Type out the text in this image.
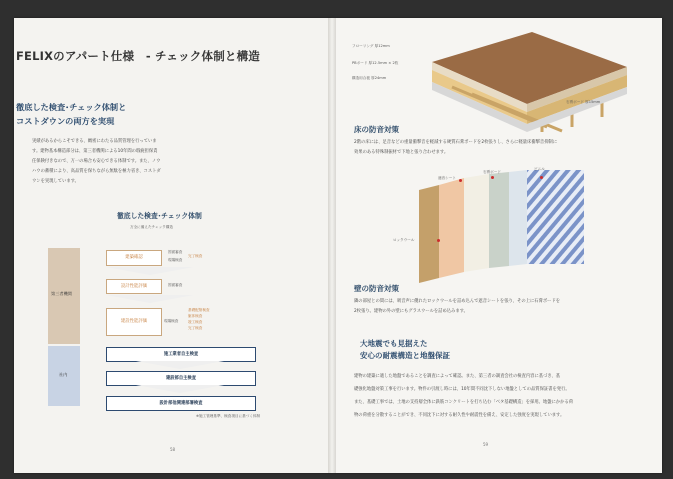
FELIXのアパート仕様　- チェック体制と構造
徹底した検査･チェック体制と
コストダウンの両方を実現
実績があるからこそできる、緻密にわたる品質管理を行っていま
す。建物基本構造部分は、第三者機関による10年間の瑕疵担保責
任保険付きなので、万一の場合も安心できる体制です。また、ノウ
ハウの蓄積により、高品質を保ちながら無駄を極力省き、コストダ
ウンを実現しています。
徹底した検査･チェック体制
万全に備えたチェック構造
第三者機関
社内
建築確認
図面審査
現場検査
完了検査
設計性能評価	図面審査
建設性能評価	現場検査
基礎配筋検査
躯体検査
竣工検査
完了検査
施工業者自主検査
建設部自主検査
設計部他関連部署検査
※施工管理基準、検査項目に基づく体制
58
フローリング 厚12mm
PBボード 厚12.5mm × 2枚
構造用合板 厚24mm
石膏ボード 厚15mm
床の防音対策
2階の床には、足音などの重量衝撃音を軽減する硬質石膏ボードを2枚張りし、さらに軽量床衝撃音抑制に
効果のある特殊制振材で下地と張り合わせます。
遮音シート
石膏ボード
ビニル
ロックウール
壁の防音対策
隣の部屋との間には、吸音声に優れたロックウールを詰め込んで遮音シートを張り、その上に石膏ボードを
2枚張り。建物の外の壁にもグラスウールを詰め込みます。
大地震でも見据えた
安心の耐震構造と地盤保証
建物の建築に適した地盤であることを調査によって確認。また、第三者の調査会社の検査内容に基づき、基
礎強化地盤対策工事を行います。物件の引渡し時には、10年間不同沈下しない地盤としての品質保証書を発行。
また、基礎工事では、土地の支持層全体に鉄筋コンクリートを打ち込む「ベタ基礎構造」を採用。地盤にかかる荷
物の荷重を分散することができ、不同沈下に対する耐久性や耐震性を備え、安定した強度を実現しています。
59
